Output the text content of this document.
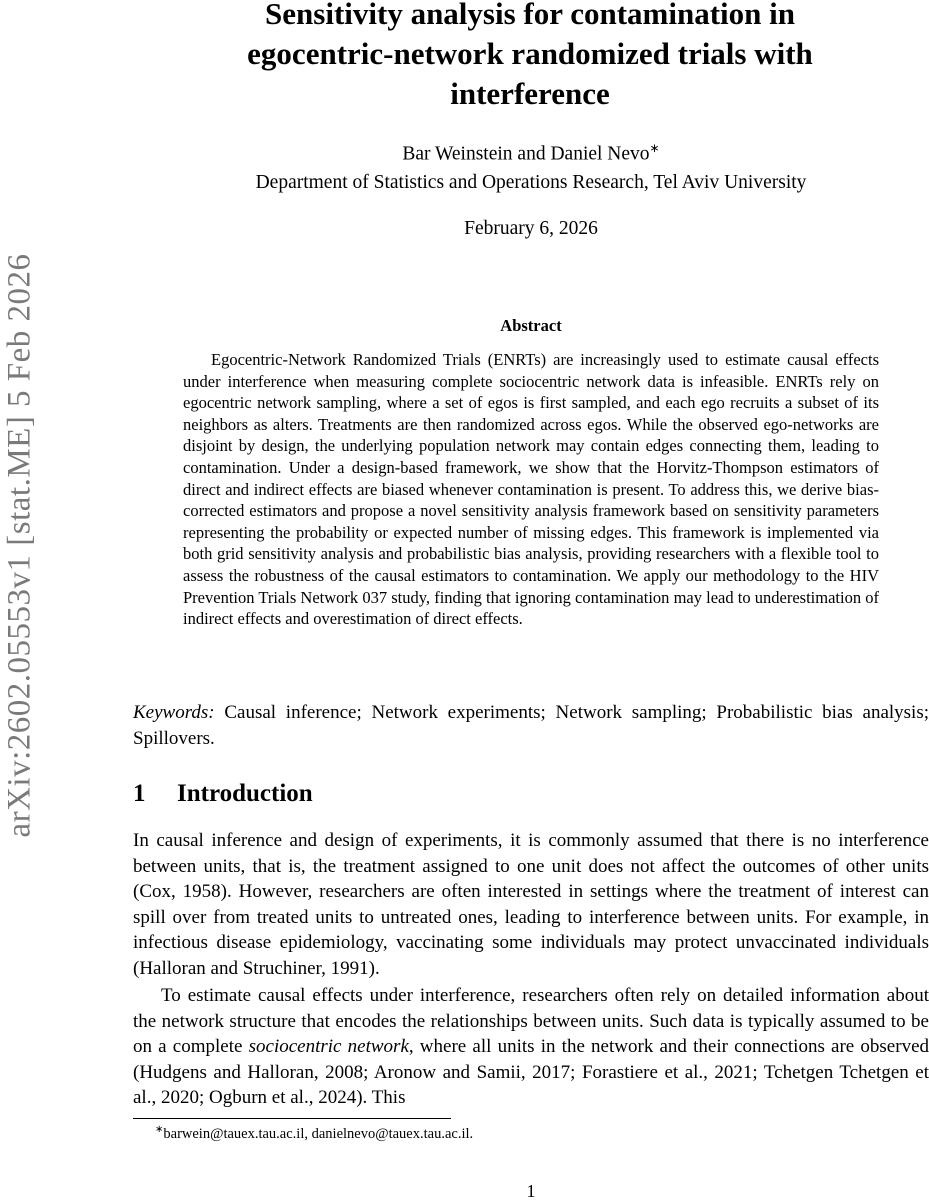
arXiv:2602.05553v1 [stat.ME] 5 Feb 2026
Sensitivity analysis for contamination in
egocentric-network randomized trials with
interference

Bar Weinstein and Daniel Nevo∗

Department of Statistics and Operations Research, Tel Aviv University

February 6, 2026

Abstract

Egocentric-Network Randomized Trials (ENRTs) are increasingly used to estimate causal effects under interference when measuring complete sociocentric network data is infeasible. ENRTs rely on egocentric network sampling, where a set of egos is first sampled, and each ego recruits a subset of its neighbors as alters. Treatments are then randomized across egos. While the observed ego-networks are disjoint by design, the underlying population network may contain edges connecting them, leading to contamination. Under a design-based framework, we show that the Horvitz-Thompson estimators of direct and indirect effects are biased whenever contamination is present. To address this, we derive bias-corrected estimators and propose a novel sensitivity analysis framework based on sensitivity parameters representing the probability or expected number of missing edges. This framework is implemented via both grid sensitivity analysis and probabilistic bias analysis, providing researchers with a flexible tool to assess the robustness of the causal estimators to contamination. We apply our methodology to the HIV Prevention Trials Network 037 study, finding that ignoring contamination may lead to underestimation of indirect effects and overestimation of direct effects.

Keywords: Causal inference; Network experiments; Network sampling; Probabilistic bias analysis; Spillovers.

1 Introduction

In causal inference and design of experiments, it is commonly assumed that there is no interference between units, that is, the treatment assigned to one unit does not affect the outcomes of other units (Cox, 1958). However, researchers are often interested in settings where the treatment of interest can spill over from treated units to untreated ones, leading to interference between units. For example, in infectious disease epidemiology, vaccinating some individuals may protect unvaccinated individuals (Halloran and Struchiner, 1991).

To estimate causal effects under interference, researchers often rely on detailed information about the network structure that encodes the relationships between units. Such data is typically assumed to be on a complete sociocentric network, where all units in the network and their connections are observed (Hudgens and Halloran, 2008; Aronow and Samii, 2017; Forastiere et al., 2021; Tchetgen Tchetgen et al., 2020; Ogburn et al., 2024). This

∗barwein@tauex.tau.ac.il, danielnevo@tauex.tau.ac.il.

1
